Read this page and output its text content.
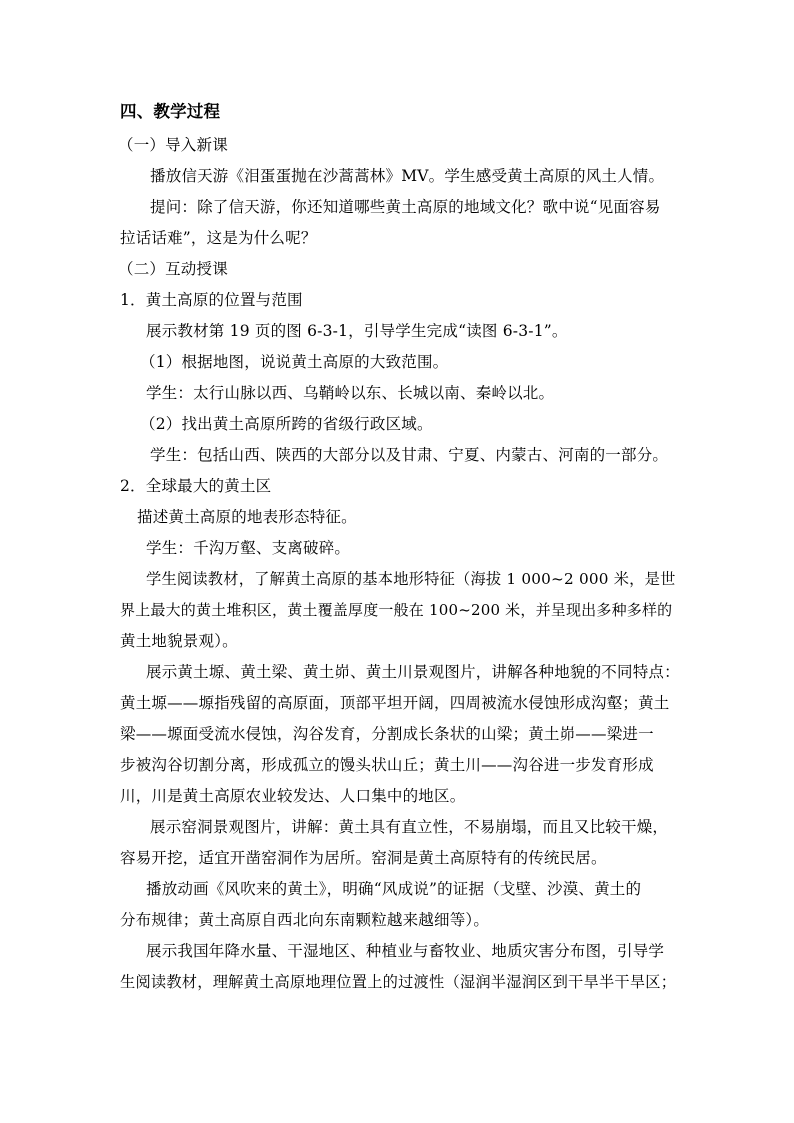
四、教学过程
（一）导入新课
播放信天游《泪蛋蛋抛在沙蒿蒿林》MV。学生感受黄土高原的风土人情。
提问：除了信天游，你还知道哪些黄土高原的地域文化？歌中说“见面容易
拉话话难”，这是为什么呢？
（二）互动授课
1．黄土高原的位置与范围
展示教材第 19 页的图 6-3-1，引导学生完成“读图 6-3-1”。
（1）根据地图，说说黄土高原的大致范围。
学生：太行山脉以西、乌鞘岭以东、长城以南、秦岭以北。
（2）找出黄土高原所跨的省级行政区域。
学生：包括山西、陕西的大部分以及甘肃、宁夏、内蒙古、河南的一部分。
2．全球最大的黄土区
描述黄土高原的地表形态特征。
学生：千沟万壑、支离破碎。
学生阅读教材，了解黄土高原的基本地形特征（海拔 1 000~2 000 米，是世
界上最大的黄土堆积区，黄土覆盖厚度一般在 100~200 米，并呈现出多种多样的
黄土地貌景观）。
展示黄土塬、黄土梁、黄土峁、黄土川景观图片，讲解各种地貌的不同特点：
黄土塬——塬指残留的高原面，顶部平坦开阔，四周被流水侵蚀形成沟壑；黄土
梁——塬面受流水侵蚀，沟谷发育，分割成长条状的山梁；黄土峁——梁进一
步被沟谷切割分离，形成孤立的馒头状山丘；黄土川——沟谷进一步发育形成
川，川是黄土高原农业较发达、人口集中的地区。
展示窑洞景观图片，讲解：黄土具有直立性，不易崩塌，而且又比较干燥，
容易开挖，适宜开凿窑洞作为居所。窑洞是黄土高原特有的传统民居。
播放动画《风吹来的黄土》，明确“风成说”的证据（戈壁、沙漠、黄土的
分布规律；黄土高原自西北向东南颗粒越来越细等）。
展示我国年降水量、干湿地区、种植业与畜牧业、地质灾害分布图，引导学
生阅读教材，理解黄土高原地理位置上的过渡性（湿润半湿润区到干旱半干旱区；
